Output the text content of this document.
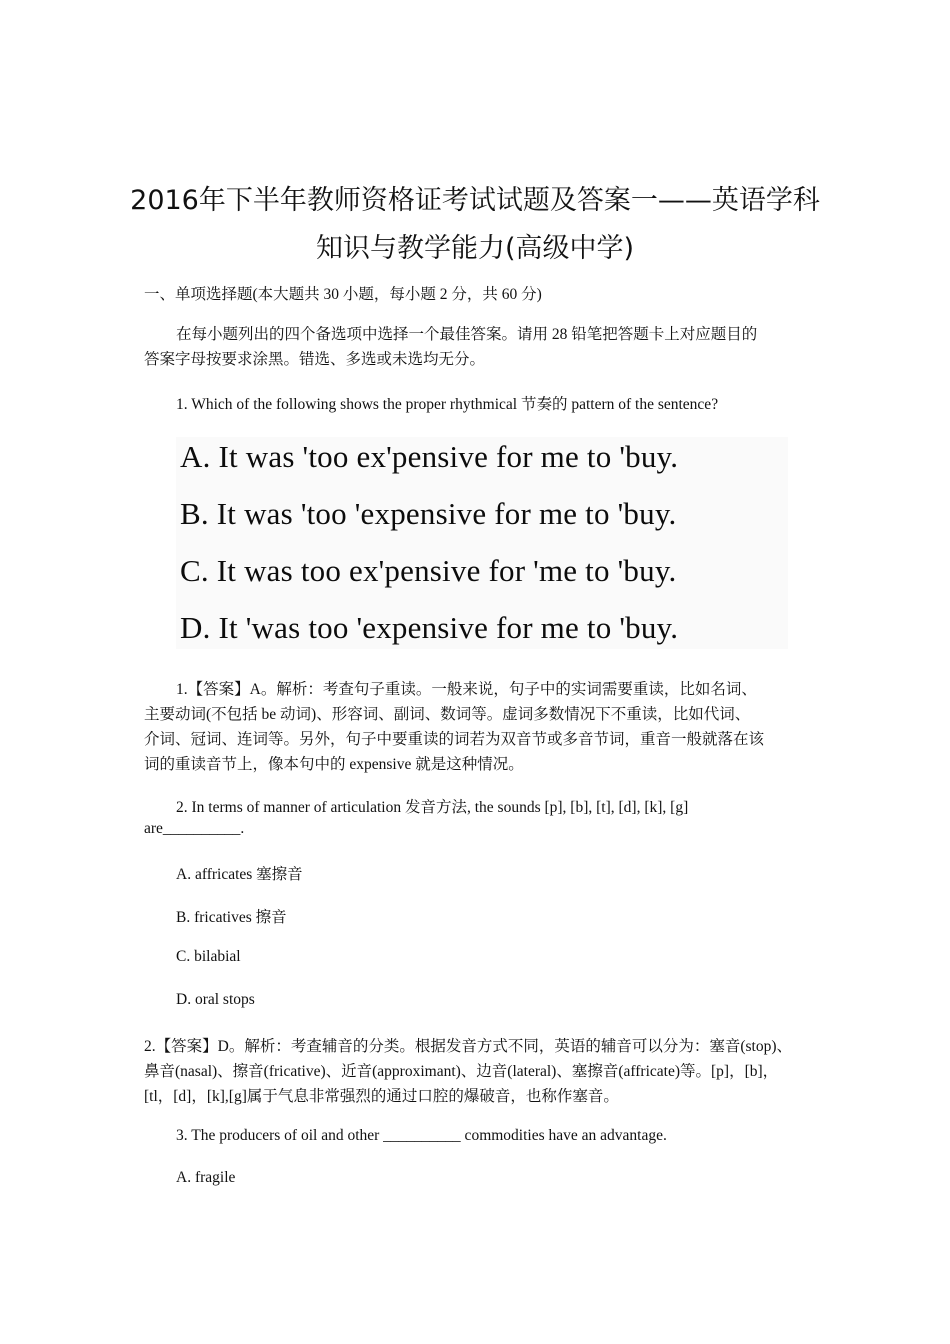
2016年下半年教师资格证考试试题及答案一——英语学科
知识与教学能力(高级中学)
一、单项选择题(本大题共 30 小题，每小题 2 分，共 60 分)
在每小题列出的四个备选项中选择一个最佳答案。请用 28 铅笔把答题卡上对应题目的
答案字母按要求涂黑。错选、多选或未选均无分。
1. Which of the following shows the proper rhythmical 节奏的 pattern of the sentence?
A. It was 'too ex'pensive for me to 'buy.
B. It was 'too 'expensive for me to 'buy.
C. It was too ex'pensive for 'me to 'buy.
D. It 'was too 'expensive for me to 'buy.
1.【答案】A。解析：考查句子重读。一般来说，句子中的实词需要重读，比如名词、
主要动词(不包括 be 动词)、形容词、副词、数词等。虚词多数情况下不重读，比如代词、
介词、冠词、连词等。另外，句子中要重读的词若为双音节或多音节词，重音一般就落在该
词的重读音节上，像本句中的 expensive 就是这种情况。
2. In terms of manner of articulation 发音方法, the sounds [p], [b], [t], [d], [k], [g]
are__________.
A. affricates 塞擦音
B. fricatives 擦音
C. bilabial
D. oral stops
2.【答案】D。解析：考查辅音的分类。根据发音方式不同，英语的辅音可以分为：塞音(stop)、
鼻音(nasal)、擦音(fricative)、近音(approximant)、边音(lateral)、塞擦音(affricate)等。[p]，[b]，
[tl，[d]，[k],[g]属于气息非常强烈的通过口腔的爆破音，也称作塞音。
3. The producers of oil and other __________ commodities have an advantage.
A. fragile
